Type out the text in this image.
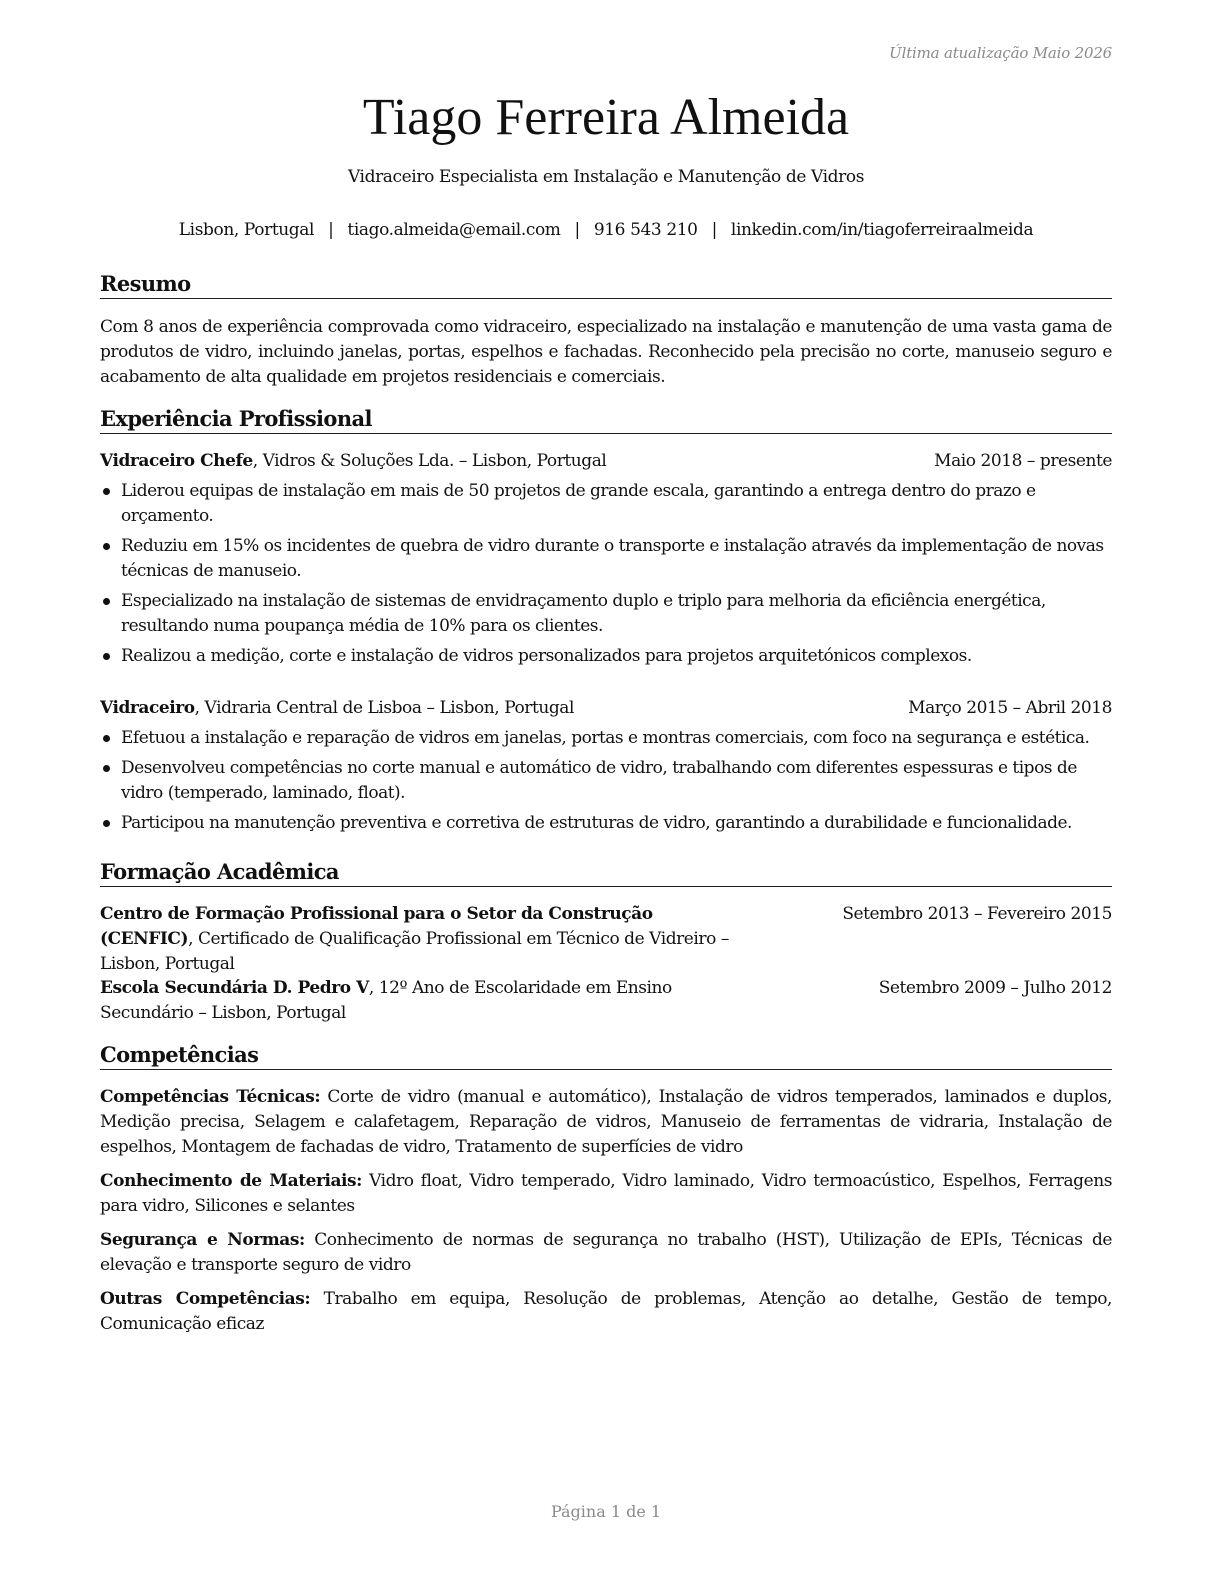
Última atualização Maio 2026
Tiago Ferreira Almeida
Vidraceiro Especialista em Instalação e Manutenção de Vidros
Lisbon, Portugal | tiago.almeida@email.com | 916 543 210 | linkedin.com/in/tiagoferreiraalmeida
Resumo
Com 8 anos de experiência comprovada como vidraceiro, especializado na instalação e manutenção de uma vasta gama de produtos de vidro, incluindo janelas, portas, espelhos e fachadas. Reconhecido pela precisão no corte, manuseio seguro e acabamento de alta qualidade em projetos residenciais e comerciais.
Experiência Profissional
Vidraceiro Chefe, Vidros & Soluções Lda. – Lisbon, Portugal	Maio 2018 – presente
Liderou equipas de instalação em mais de 50 projetos de grande escala, garantindo a entrega dentro do prazo e orçamento.
Reduziu em 15% os incidentes de quebra de vidro durante o transporte e instalação através da implementação de novas técnicas de manuseio.
Especializado na instalação de sistemas de envidraçamento duplo e triplo para melhoria da eficiência energética, resultando numa poupança média de 10% para os clientes.
Realizou a medição, corte e instalação de vidros personalizados para projetos arquitetónicos complexos.
Vidraceiro, Vidraria Central de Lisboa – Lisbon, Portugal	Março 2015 – Abril 2018
Efetuou a instalação e reparação de vidros em janelas, portas e montras comerciais, com foco na segurança e estética.
Desenvolveu competências no corte manual e automático de vidro, trabalhando com diferentes espessuras e tipos de vidro (temperado, laminado, float).
Participou na manutenção preventiva e corretiva de estruturas de vidro, garantindo a durabilidade e funcionalidade.
Formação Acadêmica
Centro de Formação Profissional para o Setor da Construção (CENFIC), Certificado de Qualificação Profissional em Técnico de Vidreiro – Lisbon, Portugal
Setembro 2013 – Fevereiro 2015
Escola Secundária D. Pedro V, 12º Ano de Escolaridade em Ensino Secundário – Lisbon, Portugal
Setembro 2009 – Julho 2012
Competências
Competências Técnicas: Corte de vidro (manual e automático), Instalação de vidros temperados, laminados e duplos, Medição precisa, Selagem e calafetagem, Reparação de vidros, Manuseio de ferramentas de vidraria, Instalação de espelhos, Montagem de fachadas de vidro, Tratamento de superfícies de vidro
Conhecimento de Materiais: Vidro float, Vidro temperado, Vidro laminado, Vidro termoacústico, Espelhos, Ferragens para vidro, Silicones e selantes
Segurança e Normas: Conhecimento de normas de segurança no trabalho (HST), Utilização de EPIs, Técnicas de elevação e transporte seguro de vidro
Outras Competências: Trabalho em equipa, Resolução de problemas, Atenção ao detalhe, Gestão de tempo, Comunicação eficaz
Página 1 de 1
